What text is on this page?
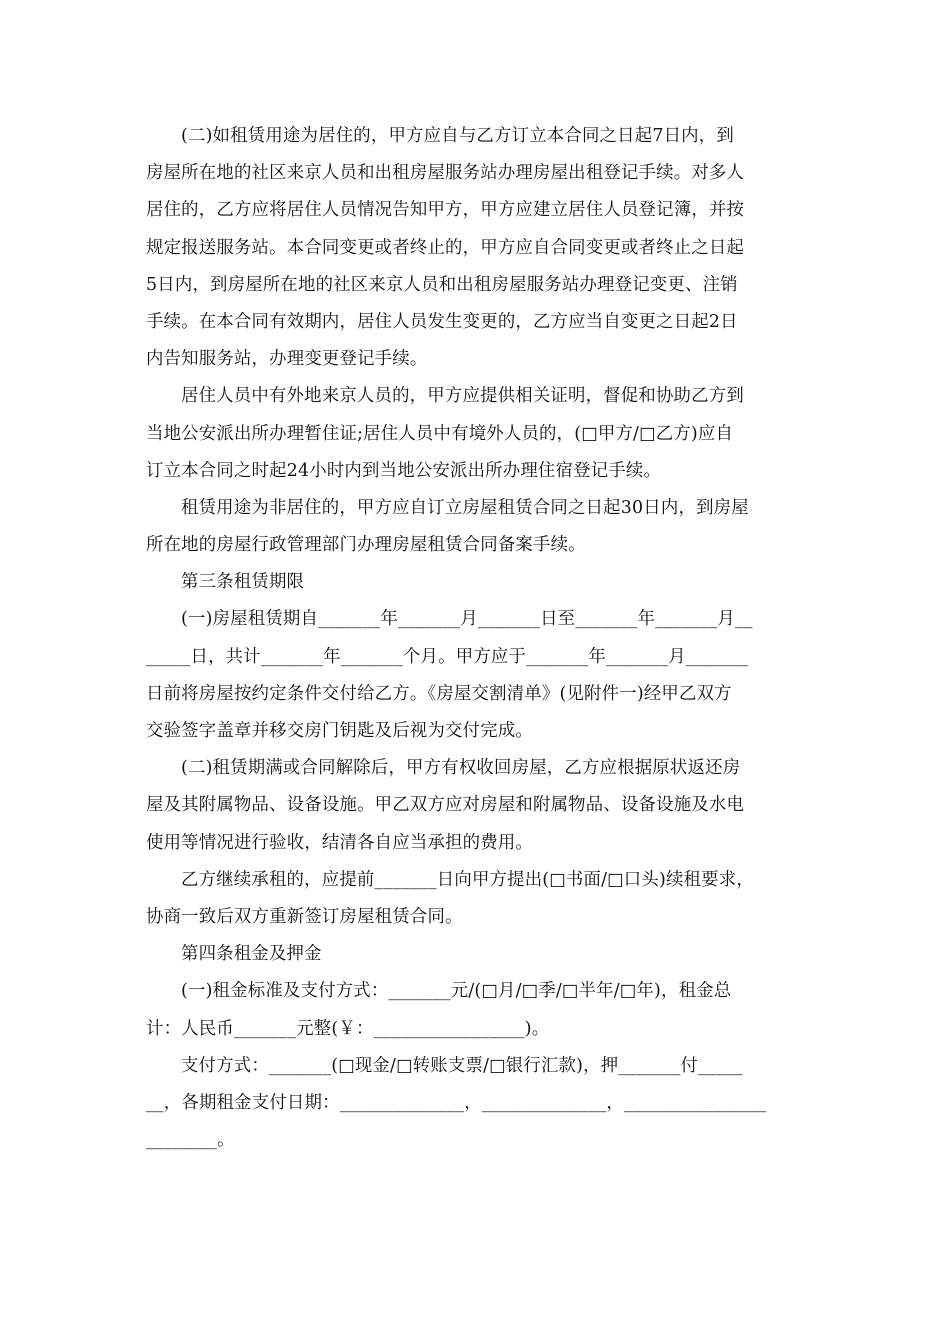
(二)如租赁用途为居住的，甲方应自与乙方订立本合同之日起7日内，到
房屋所在地的社区来京人员和出租房屋服务站办理房屋出租登记手续。对多人
居住的，乙方应将居住人员情况告知甲方，甲方应建立居住人员登记簿，并按
规定报送服务站。本合同变更或者终止的，甲方应自合同变更或者终止之日起
5日内，到房屋所在地的社区来京人员和出租房屋服务站办理登记变更、注销
手续。在本合同有效期内，居住人员发生变更的，乙方应当自变更之日起2日
内告知服务站，办理变更登记手续。
居住人员中有外地来京人员的，甲方应提供相关证明，督促和协助乙方到
当地公安派出所办理暂住证;居住人员中有境外人员的，(□甲方/□乙方)应自
订立本合同之时起24小时内到当地公安派出所办理住宿登记手续。
租赁用途为非居住的，甲方应自订立房屋租赁合同之日起30日内，到房屋
所在地的房屋行政管理部门办理房屋租赁合同备案手续。
第三条租赁期限
(一)房屋租赁期自_______年_______月_______日至_______年_______月__
_____日，共计_______年_______个月。甲方应于_______年_______月_______
日前将房屋按约定条件交付给乙方。《房屋交割清单》(见附件一)经甲乙双方
交验签字盖章并移交房门钥匙及后视为交付完成。
(二)租赁期满或合同解除后，甲方有权收回房屋，乙方应根据原状返还房
屋及其附属物品、设备设施。甲乙双方应对房屋和附属物品、设备设施及水电
使用等情况进行验收，结清各自应当承担的费用。
乙方继续承租的，应提前_______日向甲方提出(□书面/□口头)续租要求，
协商一致后双方重新签订房屋租赁合同。
第四条租金及押金
(一)租金标准及支付方式：_______元/(□月/□季/□半年/□年)，租金总
计：人民币_______元整(￥：_________________)。
支付方式：_______(□现金/□转账支票/□银行汇款)，押_______付_____
__，各期租金支付日期：______________，______________，________________
________。
